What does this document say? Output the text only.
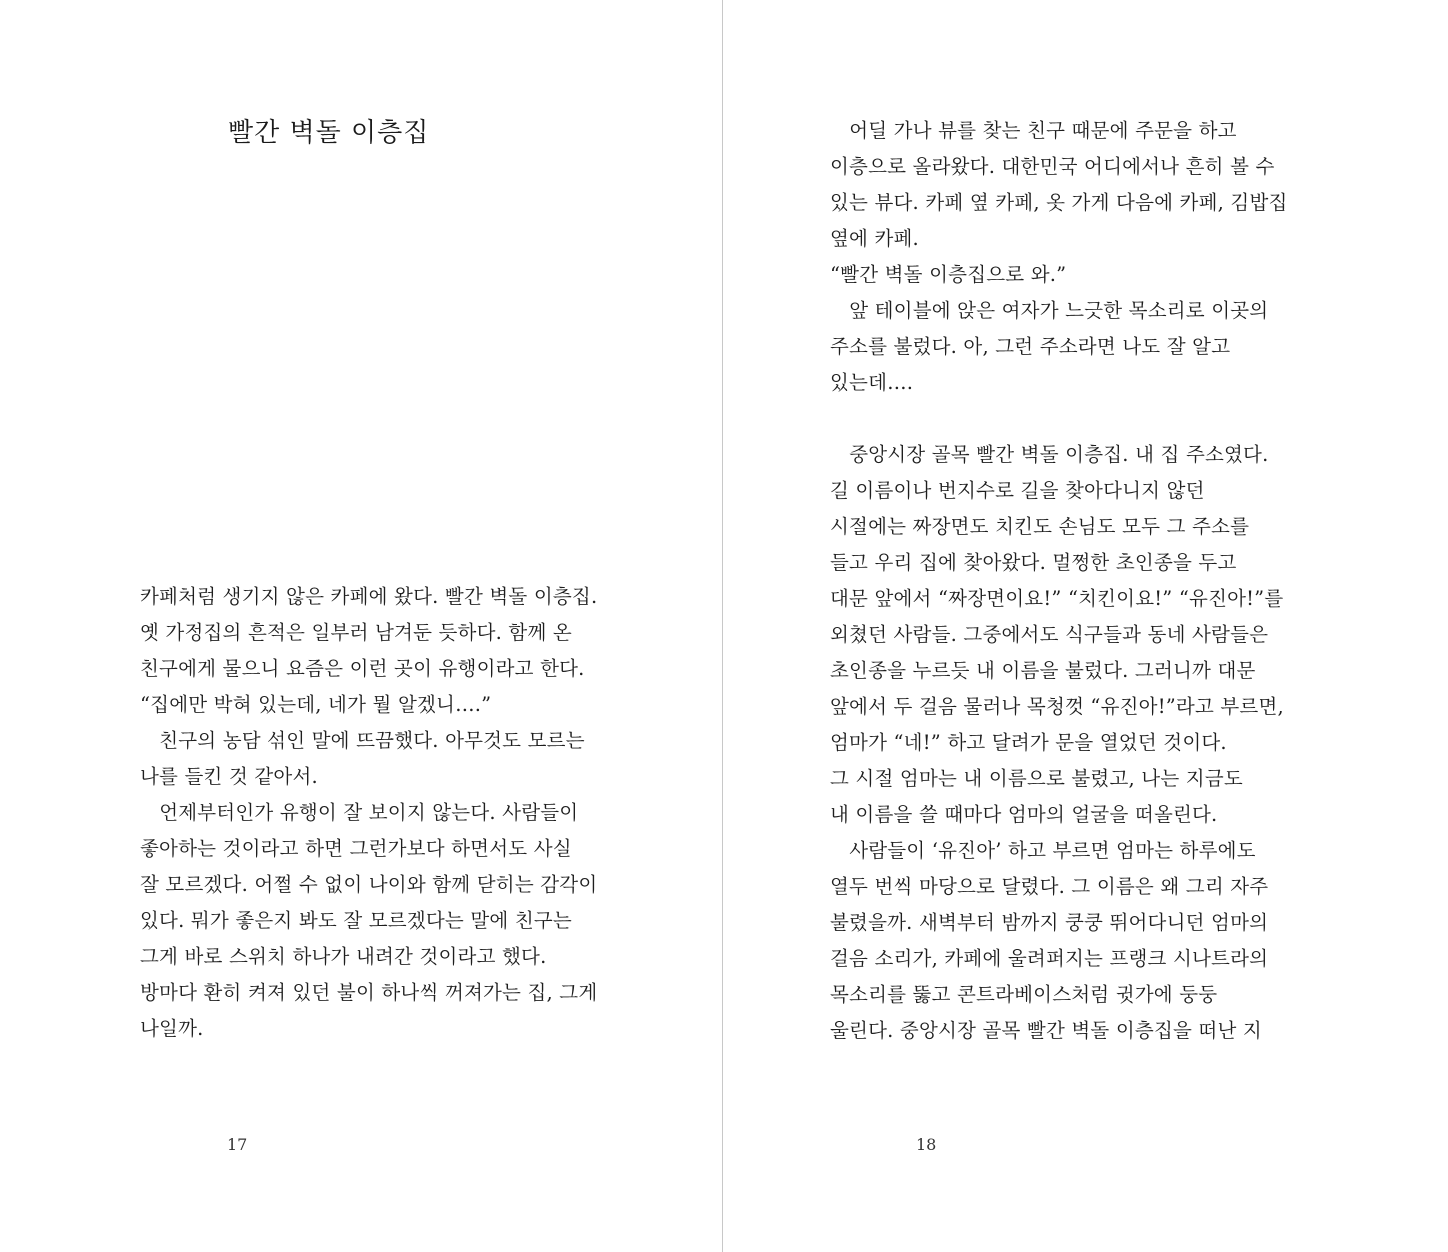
빨간 벽돌 이층집
카페처럼 생기지 않은 카페에 왔다. 빨간 벽돌 이층집.
옛 가정집의 흔적은 일부러 남겨둔 듯하다. 함께 온
친구에게 물으니 요즘은 이런 곳이 유행이라고 한다.
“집에만 박혀 있는데, 네가 뭘 알겠니….”
친구의 농담 섞인 말에 뜨끔했다. 아무것도 모르는
나를 들킨 것 같아서.
언제부터인가 유행이 잘 보이지 않는다. 사람들이
좋아하는 것이라고 하면 그런가보다 하면서도 사실
잘 모르겠다. 어쩔 수 없이 나이와 함께 닫히는 감각이
있다. 뭐가 좋은지 봐도 잘 모르겠다는 말에 친구는
그게 바로 스위치 하나가 내려간 것이라고 했다.
방마다 환히 켜져 있던 불이 하나씩 꺼져가는 집, 그게
나일까.
17
어딜 가나 뷰를 찾는 친구 때문에 주문을 하고
이층으로 올라왔다. 대한민국 어디에서나 흔히 볼 수
있는 뷰다. 카페 옆 카페, 옷 가게 다음에 카페, 김밥집
옆에 카페.
“빨간 벽돌 이층집으로 와.”
앞 테이블에 앉은 여자가 느긋한 목소리로 이곳의
주소를 불렀다. 아, 그런 주소라면 나도 잘 알고
있는데….
중앙시장 골목 빨간 벽돌 이층집. 내 집 주소였다.
길 이름이나 번지수로 길을 찾아다니지 않던
시절에는 짜장면도 치킨도 손님도 모두 그 주소를
들고 우리 집에 찾아왔다. 멀쩡한 초인종을 두고
대문 앞에서 “짜장면이요!” “치킨이요!” “유진아!”를
외쳤던 사람들. 그중에서도 식구들과 동네 사람들은
초인종을 누르듯 내 이름을 불렀다. 그러니까 대문
앞에서 두 걸음 물러나 목청껏 “유진아!”라고 부르면,
엄마가 “네!” 하고 달려가 문을 열었던 것이다.
그 시절 엄마는 내 이름으로 불렸고, 나는 지금도
내 이름을 쓸 때마다 엄마의 얼굴을 떠올린다.
사람들이 ‘유진아’ 하고 부르면 엄마는 하루에도
열두 번씩 마당으로 달렸다. 그 이름은 왜 그리 자주
불렸을까. 새벽부터 밤까지 쿵쿵 뛰어다니던 엄마의
걸음 소리가, 카페에 울려퍼지는 프랭크 시나트라의
목소리를 뚫고 콘트라베이스처럼 귓가에 둥둥
울린다. 중앙시장 골목 빨간 벽돌 이층집을 떠난 지
18
